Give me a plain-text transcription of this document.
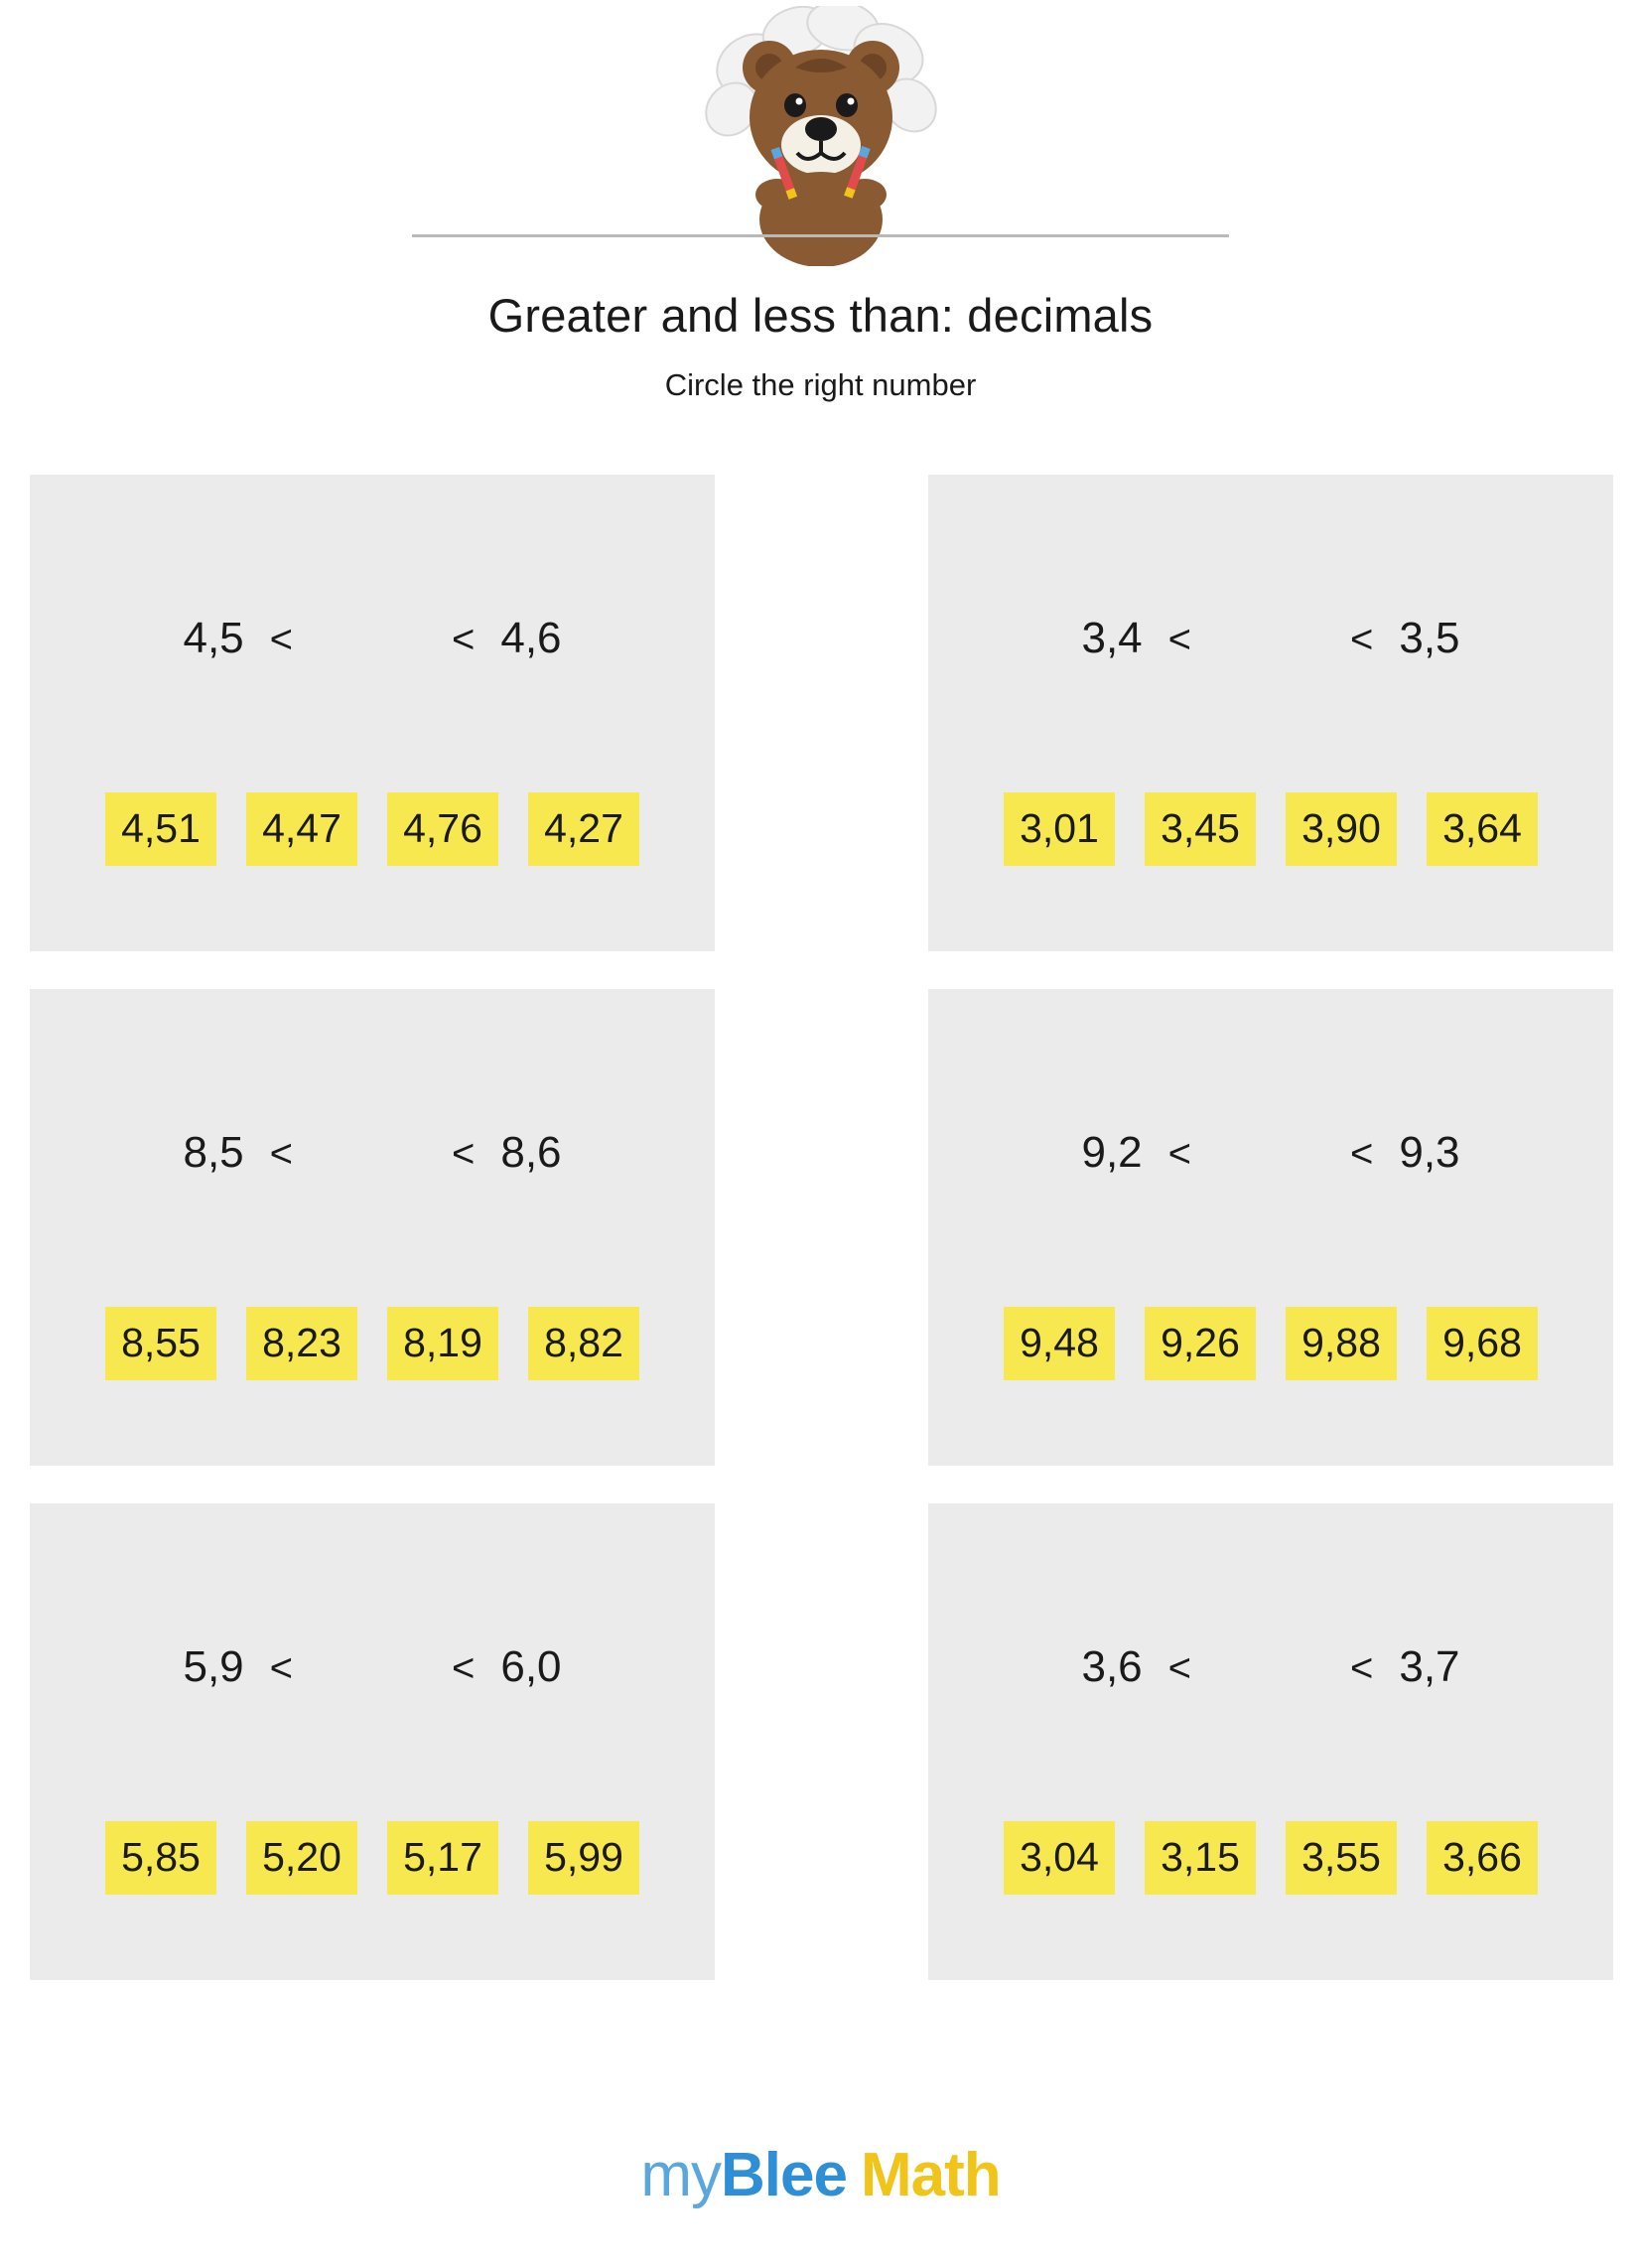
Greater and less than: decimals
Circle the right number
4,5 <	< 4,6
4,51	4,47	4,76	4,27
3,4 <	< 3,5
3,01	3,45	3,90	3,64
8,5 <	< 8,6
8,55	8,23	8,19	8,82
9,2 <	< 9,3
9,48	9,26	9,88	9,68
5,9 <	< 6,0
5,85	5,20	5,17	5,99
3,6 <	< 3,7
3,04	3,15	3,55	3,66
myBlee Math
